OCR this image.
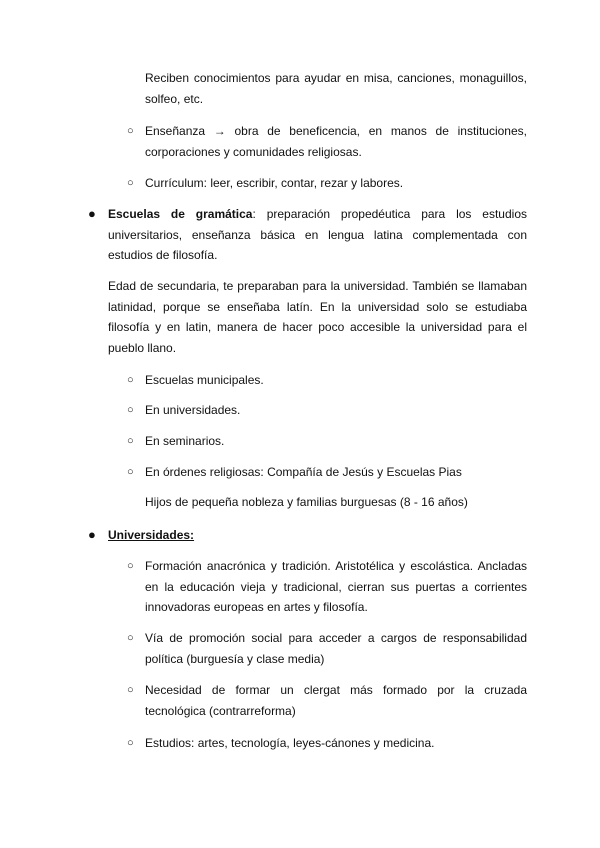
Reciben conocimientos para ayudar en misa, canciones, monaguillos, solfeo, etc.

○ Enseñanza → obra de beneficencia, en manos de instituciones, corporaciones y comunidades religiosas.
○ Currículum: leer, escribir, contar, rezar y labores.
● Escuelas de gramática: preparación propedéutica para los estudios universitarios, enseñanza básica en lengua latina complementada con estudios de filosofía.

Edad de secundaria, te preparaban para la universidad. También se llamaban latinidad, porque se enseñaba latín. En la universidad solo se estudiaba filosofía y en latin, manera de hacer poco accesible la universidad para el pueblo llano.

○ Escuelas municipales.
○ En universidades.
○ En seminarios.
○ En órdenes religiosas: Compañía de Jesús y Escuelas Pias

Hijos de pequeña nobleza y familias burguesas (8 - 16 años)

● Universidades:
○ Formación anacrónica y tradición. Aristotélica y escolástica. Ancladas en la educación vieja y tradicional, cierran sus puertas a corrientes innovadoras europeas en artes y filosofía.
○ Vía de promoción social para acceder a cargos de responsabilidad política (burguesía y clase media)
○ Necesidad de formar un clergat más formado por la cruzada tecnológica (contrarreforma)
○ Estudios: artes, tecnología, leyes-cánones y medicina.
